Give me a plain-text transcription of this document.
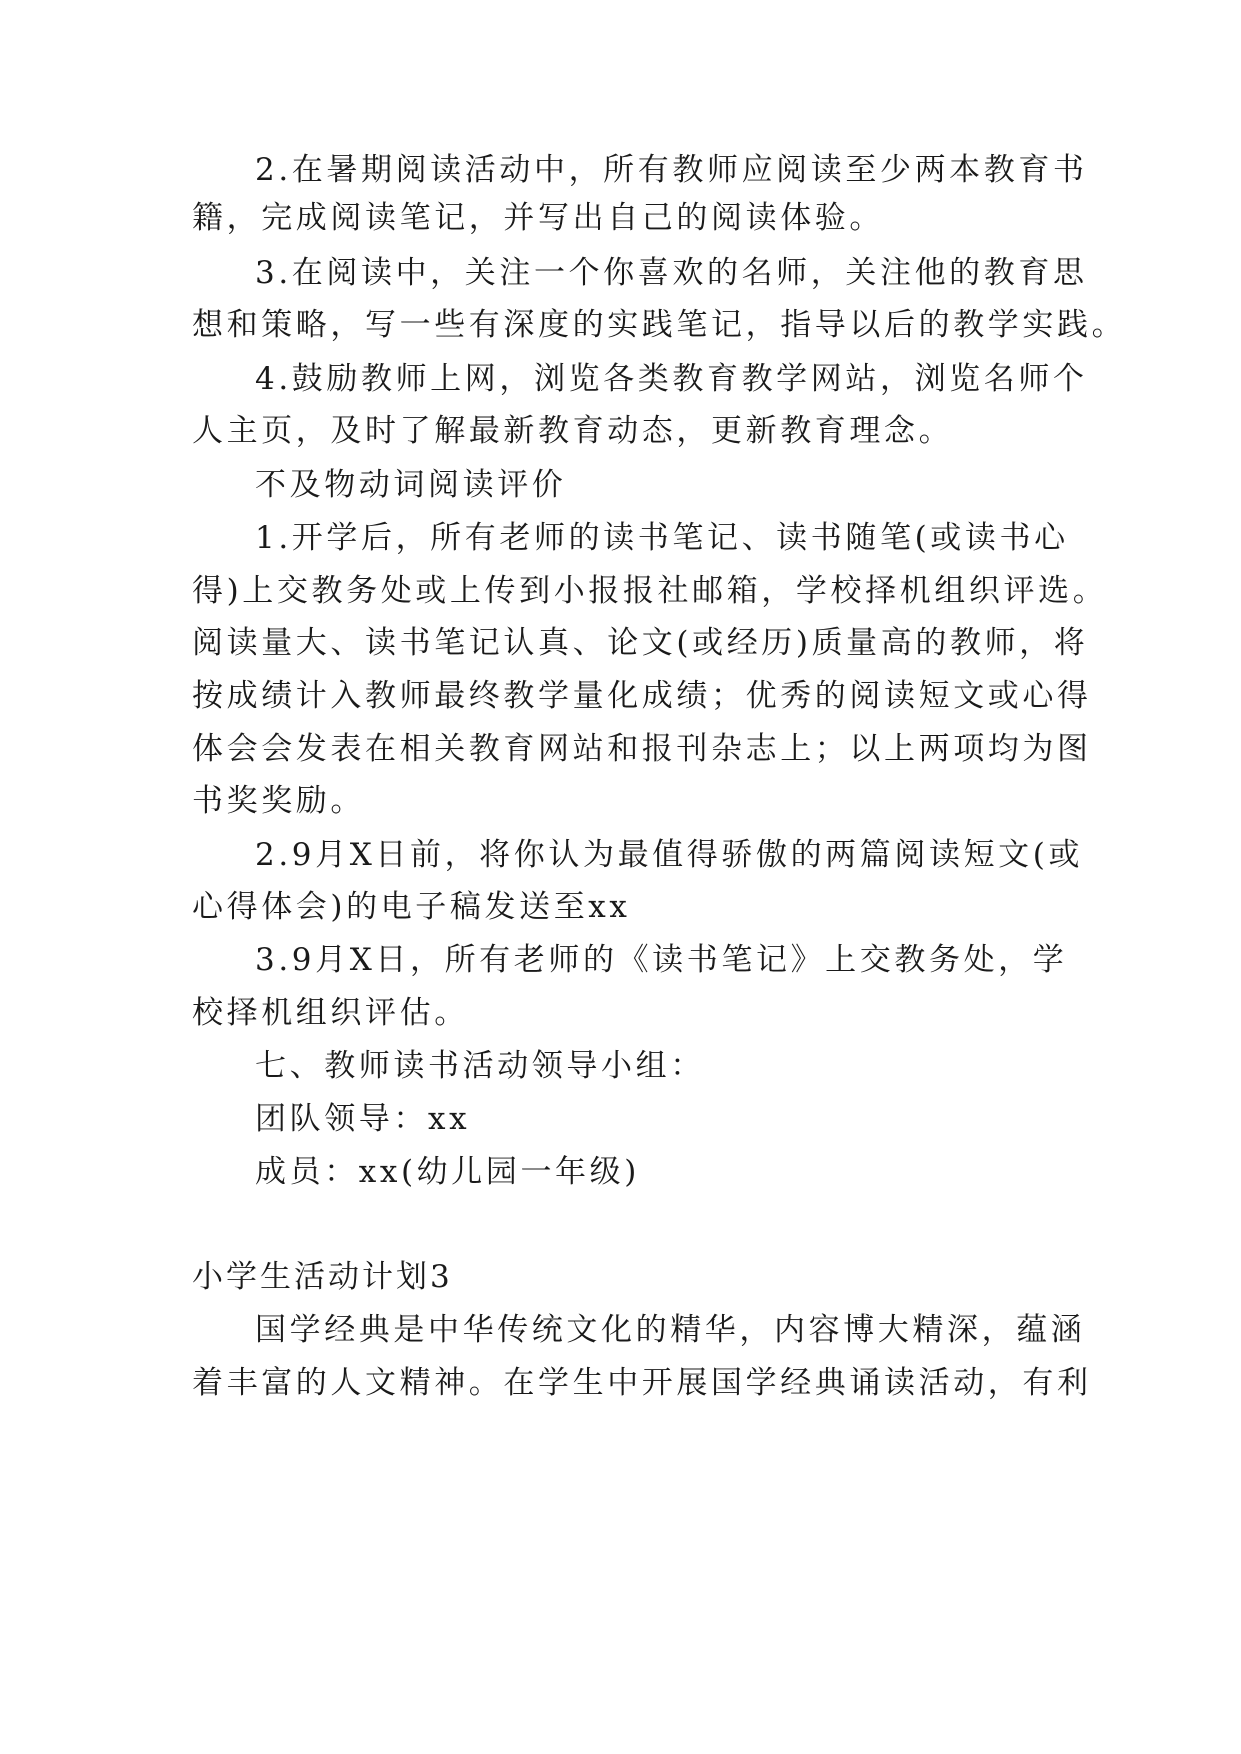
2.在暑期阅读活动中，所有教师应阅读至少两本教育书
籍，完成阅读笔记，并写出自己的阅读体验。
3.在阅读中，关注一个你喜欢的名师，关注他的教育思
想和策略，写一些有深度的实践笔记，指导以后的教学实践。
4.鼓励教师上网，浏览各类教育教学网站，浏览名师个
人主页，及时了解最新教育动态，更新教育理念。
不及物动词阅读评价
1.开学后，所有老师的读书笔记、读书随笔(或读书心
得)上交教务处或上传到小报报社邮箱，学校择机组织评选。
阅读量大、读书笔记认真、论文(或经历)质量高的教师，将
按成绩计入教师最终教学量化成绩；优秀的阅读短文或心得
体会会发表在相关教育网站和报刊杂志上；以上两项均为图
书奖奖励。
2.9月X日前，将你认为最值得骄傲的两篇阅读短文(或
心得体会)的电子稿发送至xx
3.9月X日，所有老师的《读书笔记》上交教务处，学
校择机组织评估。
七、教师读书活动领导小组：
团队领导：xx
成员：xx(幼儿园一年级)
小学生活动计划3
国学经典是中华传统文化的精华，内容博大精深，蕴涵
着丰富的人文精神。在学生中开展国学经典诵读活动，有利
